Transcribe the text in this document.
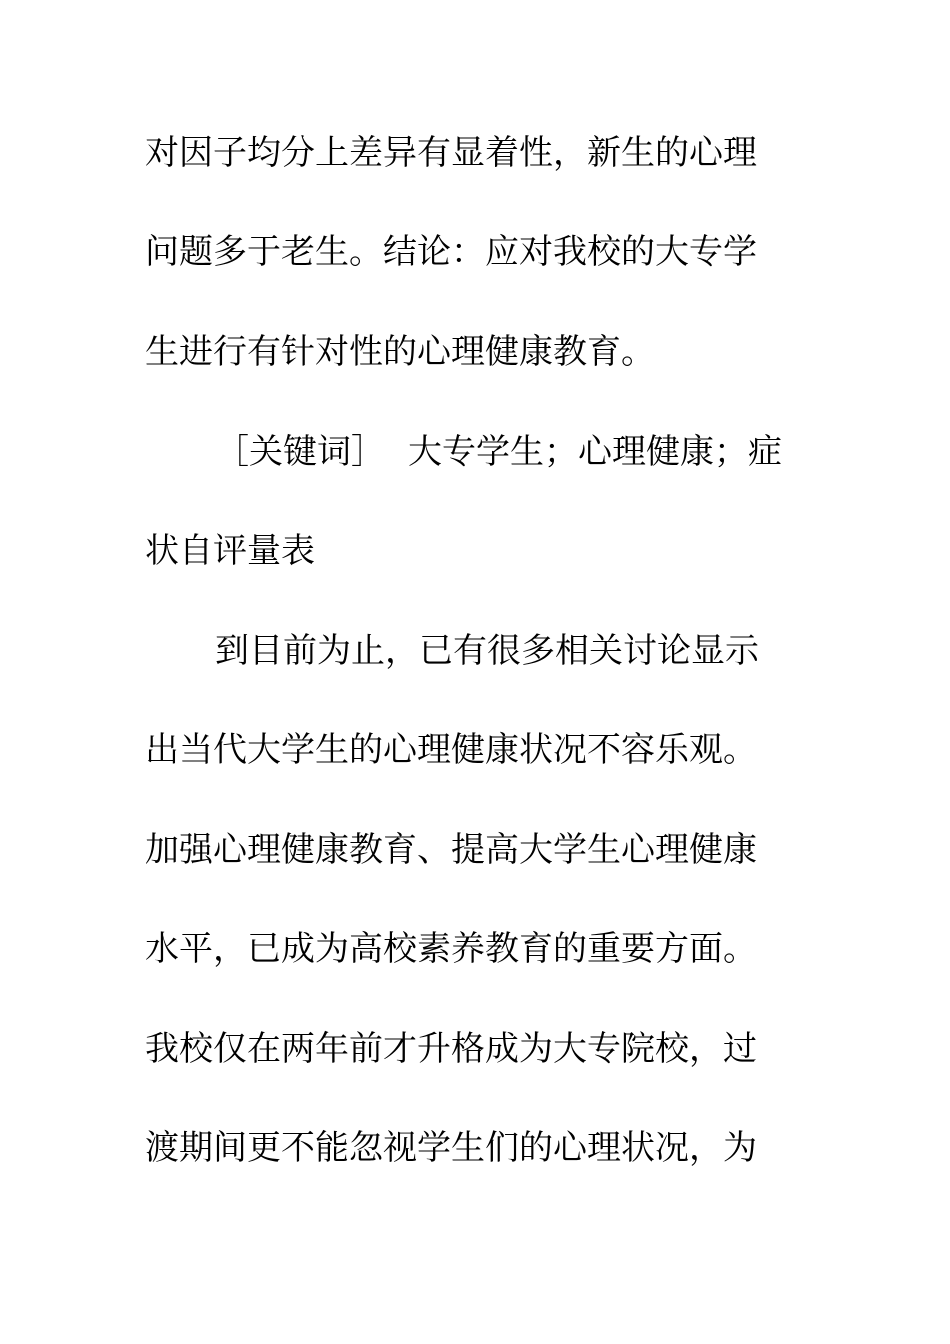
对因子均分上差异有显着性，新生的心理
问题多于老生。结论：应对我校的大专学
生进行有针对性的心理健康教育。
［关键词］ 大专学生；心理健康；症
状自评量表
到目前为止，已有很多相关讨论显示
出当代大学生的心理健康状况不容乐观。
加强心理健康教育、提高大学生心理健康
水平，已成为高校素养教育的重要方面。
我校仅在两年前才升格成为大专院校，过
渡期间更不能忽视学生们的心理状况，为
